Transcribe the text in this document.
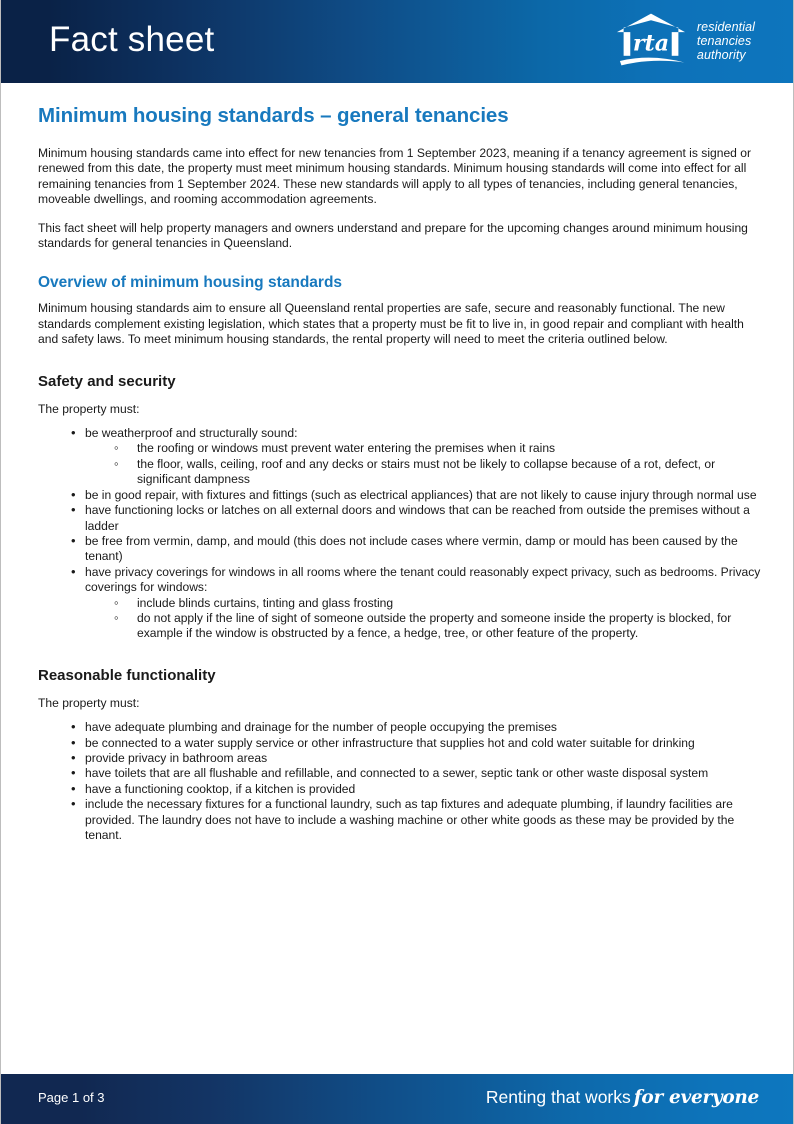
Fact sheet	rta
residential
tenancies
authority
Minimum housing standards – general tenancies

Minimum housing standards came into effect for new tenancies from 1 September 2023, meaning if a tenancy agreement is signed or renewed from this date, the property must meet minimum housing standards. Minimum housing standards will come into effect for all remaining tenancies from 1 September 2024. These new standards will apply to all types of tenancies, including general tenancies, moveable dwellings, and rooming accommodation agreements.

This fact sheet will help property managers and owners understand and prepare for the upcoming changes around minimum housing standards for general tenancies in Queensland.

Overview of minimum housing standards

Minimum housing standards aim to ensure all Queensland rental properties are safe, secure and reasonably functional. The new standards complement existing legislation, which states that a property must be fit to live in, in good repair and compliant with health and safety laws. To meet minimum housing standards, the rental property will need to meet the criteria outlined below.

Safety and security

The property must:

• be weatherproof and structurally sound:
◦ the roofing or windows must prevent water entering the premises when it rains
◦ the floor, walls, ceiling, roof and any decks or stairs must not be likely to collapse because of a rot, defect, or significant dampness
• be in good repair, with fixtures and fittings (such as electrical appliances) that are not likely to cause injury through normal use
• have functioning locks or latches on all external doors and windows that can be reached from outside the premises without a ladder
• be free from vermin, damp, and mould (this does not include cases where vermin, damp or mould has been caused by the tenant)
• have privacy coverings for windows in all rooms where the tenant could reasonably expect privacy, such as bedrooms. Privacy coverings for windows:
◦ include blinds curtains, tinting and glass frosting
◦ do not apply if the line of sight of someone outside the property and someone inside the property is blocked, for example if the window is obstructed by a fence, a hedge, tree, or other feature of the property.
Reasonable functionality

The property must:

• have adequate plumbing and drainage for the number of people occupying the premises
• be connected to a water supply service or other infrastructure that supplies hot and cold water suitable for drinking
• provide privacy in bathroom areas
• have toilets that are all flushable and refillable, and connected to a sewer, septic tank or other waste disposal system
• have a functioning cooktop, if a kitchen is provided
• include the necessary fixtures for a functional laundry, such as tap fixtures and adequate plumbing, if laundry facilities are provided. The laundry does not have to include a washing machine or other white goods as these may be provided by the tenant.
Page 1 of 3	Renting that works for everyone
